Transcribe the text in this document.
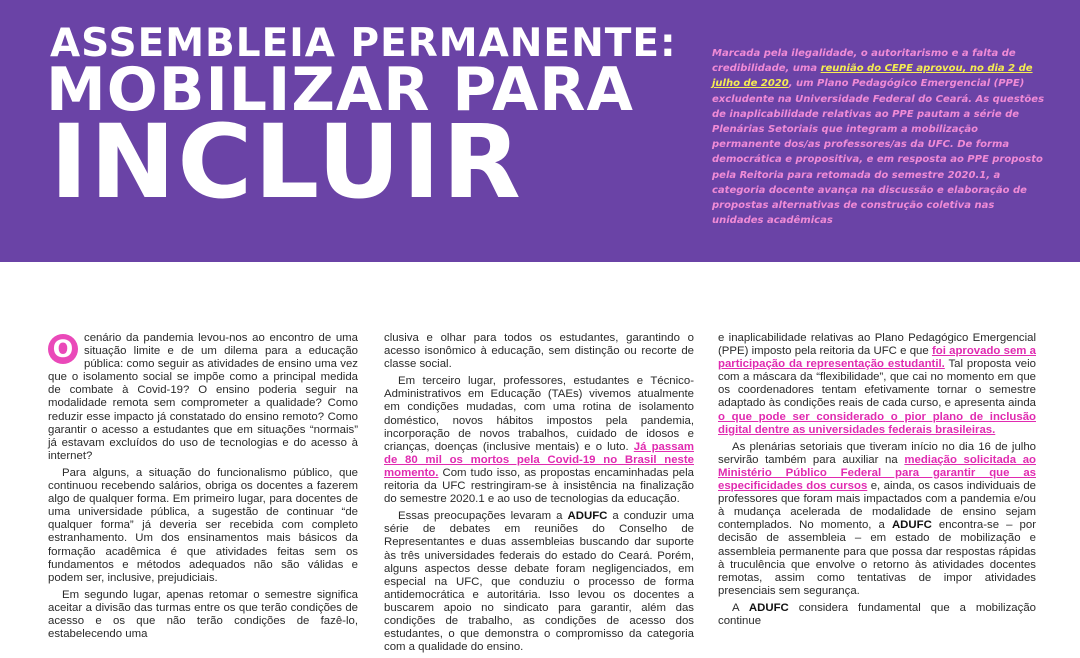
ASSEMBLEIA PERMANENTE:
MOBILIZAR PARA
INCLUIR
Marcada pela ilegalidade, o autoritarismo e a falta de credibilidade, uma reunião do CEPE aprovou, no dia 2 de julho de 2020, um Plano Pedagógico Emergencial (PPE) excludente na Universidade Federal do Ceará. As questões de inaplicabilidade relativas ao PPE pautam a série de Plenárias Setoriais que integram a mobilização permanente dos/as professores/as da UFC. De forma democrática e propositiva, e em resposta ao PPE proposto pela Reitoria para retomada do semestre 2020.1, a categoria docente avança na discussão e elaboração de propostas alternativas de construção coletiva nas unidades acadêmicas

O cenário da pandemia levou-nos ao encontro de uma situação limite e de um dilema para a educação pública: como seguir as atividades de ensino uma vez que o isolamento social se impõe como a principal medida de combate à Covid-19? O ensino poderia seguir na modalidade remota sem comprometer a qualidade? Como reduzir esse impacto já constatado do ensino remoto? Como garantir o acesso a estudantes que em situações “normais” já estavam excluídos do uso de tecnologias e do acesso à internet?

Para alguns, a situação do funcionalismo público, que continuou recebendo salários, obriga os docentes a fazerem algo de qualquer forma. Em primeiro lugar, para docentes de uma universidade pública, a sugestão de continuar “de qualquer forma” já deveria ser recebida com completo estranhamento. Um dos ensinamentos mais básicos da formação acadêmica é que atividades feitas sem os fundamentos e métodos adequados não são válidas e podem ser, inclusive, prejudiciais.

Em segundo lugar, apenas retomar o semestre significa aceitar a divisão das turmas entre os que terão condições de acesso e os que não terão condições de fazê-lo, estabelecendo uma

clusiva e olhar para todos os estudantes, garantindo o acesso isonômico à educação, sem distinção ou recorte de classe social.

Em terceiro lugar, professores, estudantes e Técnico-Administrativos em Educação (TAEs) vivemos atualmente em condições mudadas, com uma rotina de isolamento doméstico, novos hábitos impostos pela pandemia, incorporação de novos trabalhos, cuidado de idosos e crianças, doenças (inclusive mentais) e o luto. Já passam de 80 mil os mortos pela Covid-19 no Brasil neste momento. Com tudo isso, as propostas encaminhadas pela reitoria da UFC restringiram-se à insistência na finalização do semestre 2020.1 e ao uso de tecnologias da educação.

Essas preocupações levaram a ADUFC a conduzir uma série de debates em reuniões do Conselho de Representantes e duas assembleias buscando dar suporte às três universidades federais do estado do Ceará. Porém, alguns aspectos desse debate foram negligenciados, em especial na UFC, que conduziu o processo de forma antidemocrática e autoritária. Isso levou os docentes a buscarem apoio no sindicato para garantir, além das condições de trabalho, as condições de acesso dos estudantes, o que demonstra o compromisso da categoria com a qualidade do ensino.

e inaplicabilidade relativas ao Plano Pedagógico Emergencial (PPE) imposto pela reitoria da UFC e que foi aprovado sem a participação da representação estudantil. Tal proposta veio com a máscara da “flexibilidade”, que cai no momento em que os coordenadores tentam efetivamente tornar o semestre adaptado às condições reais de cada curso, e apresenta ainda o que pode ser considerado o pior plano de inclusão digital dentre as universidades federais brasileiras.

As plenárias setoriais que tiveram início no dia 16 de julho servirão também para auxiliar na mediação solicitada ao Ministério Público Federal para garantir que as especificidades dos cursos e, ainda, os casos individuais de professores que foram mais impactados com a pandemia e/ou à mudança acelerada de modalidade de ensino sejam contemplados. No momento, a ADUFC encontra-se – por decisão de assembleia – em estado de mobilização e assembleia permanente para que possa dar respostas rápidas à truculência que envolve o retorno às atividades docentes remotas, assim como tentativas de impor atividades presenciais sem segurança.

A ADUFC considera fundamental que a mobilização continue
